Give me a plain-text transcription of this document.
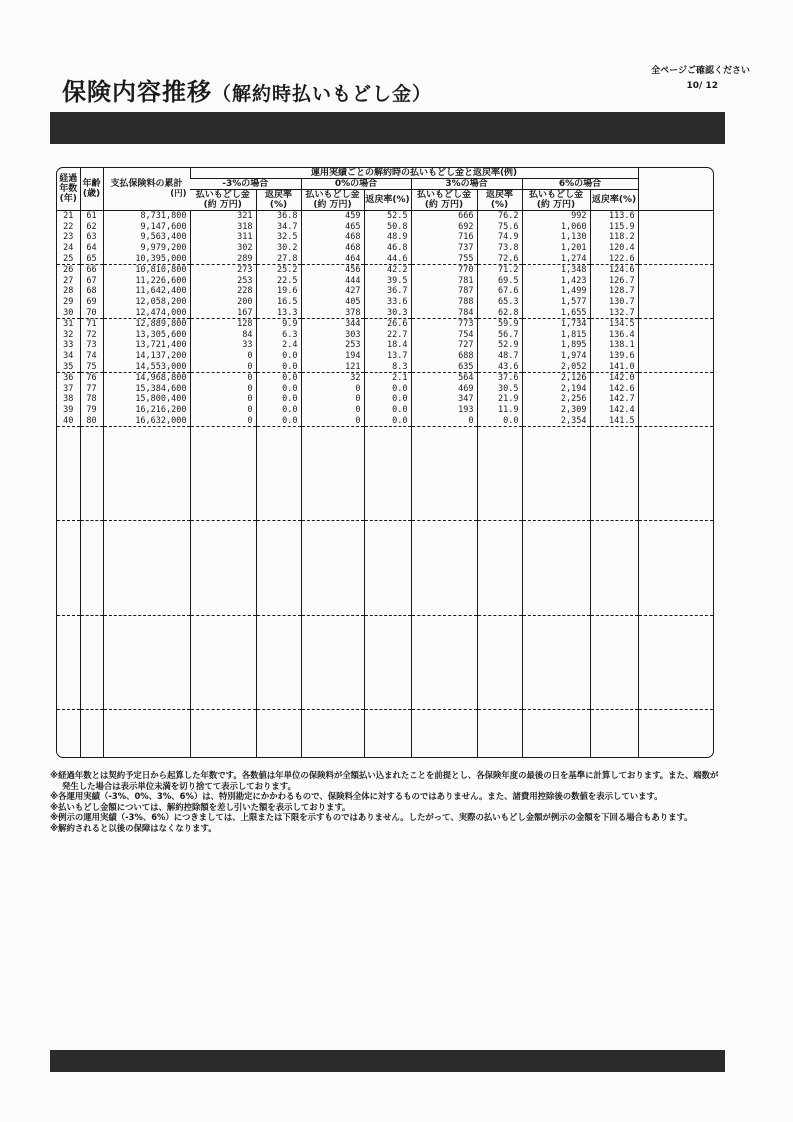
保険内容推移（解約時払いもどし金）
全ページご確認ください
10/ 12
経過年数(年)	年齢(歳)	支払保険料の累計
(円)	運用実績ごとの解約時の払いもどし金と返戻率(例)								
			-3%の場合		0%の場合		3%の場合		6%の場合		
			払いもどし金(約 万円)	返戻率(%)	払いもどし金(約 万円)	返戻率(%)	払いもどし金(約 万円)	返戻率(%)	払いもどし金(約 万円)	返戻率(%)	
21	61	8,731,800	321	36.8	459	52.5	666	76.2	992	113.6	
22	62	9,147,600	318	34.7	465	50.8	692	75.6	1,060	115.9	
23	63	9,563,400	311	32.5	468	48.9	716	74.9	1,130	118.2	
24	64	9,979,200	302	30.2	468	46.8	737	73.8	1,201	120.4	
25	65	10,395,000	289	27.8	464	44.6	755	72.6	1,274	122.6	
26	66	10,810,800	273	25.2	456	42.2	770	71.2	1,348	124.6	
27	67	11,226,600	253	22.5	444	39.5	781	69.5	1,423	126.7	
28	68	11,642,400	228	19.6	427	36.7	787	67.6	1,499	128.7	
29	69	12,058,200	200	16.5	405	33.6	788	65.3	1,577	130.7	
30	70	12,474,000	167	13.3	378	30.3	784	62.8	1,655	132.7	
31	71	12,889,800	128	9.9	344	26.6	773	59.9	1,734	134.5	
32	72	13,305,600	84	6.3	303	22.7	754	56.7	1,815	136.4	
33	73	13,721,400	33	2.4	253	18.4	727	52.9	1,895	138.1	
34	74	14,137,200	0	0.0	194	13.7	688	48.7	1,974	139.6	
35	75	14,553,000	0	0.0	121	8.3	635	43.6	2,052	141.0	
36	76	14,968,800	0	0.0	32	2.1	564	37.6	2,126	142.0	
37	77	15,384,600	0	0.0	0	0.0	469	30.5	2,194	142.6	
38	78	15,800,400	0	0.0	0	0.0	347	21.9	2,256	142.7	
39	79	16,216,200	0	0.0	0	0.0	193	11.9	2,309	142.4	
40	80	16,632,000	0	0.0	0	0.0	0	0.0	2,354	141.5	

※経過年数とは契約予定日から起算した年数です。各数値は年単位の保険料が全額払い込まれたことを前提とし、各保険年度の最後の日を基準に計算しております。また、端数が発生した場合は表示単位未満を切り捨てて表示しております。
※各運用実績（-3%、0%、3%、6%）は、特別勘定にかかわるもので、保険料全体に対するものではありません。また、諸費用控除後の数値を表示しています。
※払いもどし金額については、解約控除額を差し引いた額を表示しております。
※例示の運用実績（-3%、6%）につきましては、上限または下限を示すものではありません。したがって、実際の払いもどし金額が例示の金額を下回る場合もあります。
※解約されると以後の保障はなくなります。
